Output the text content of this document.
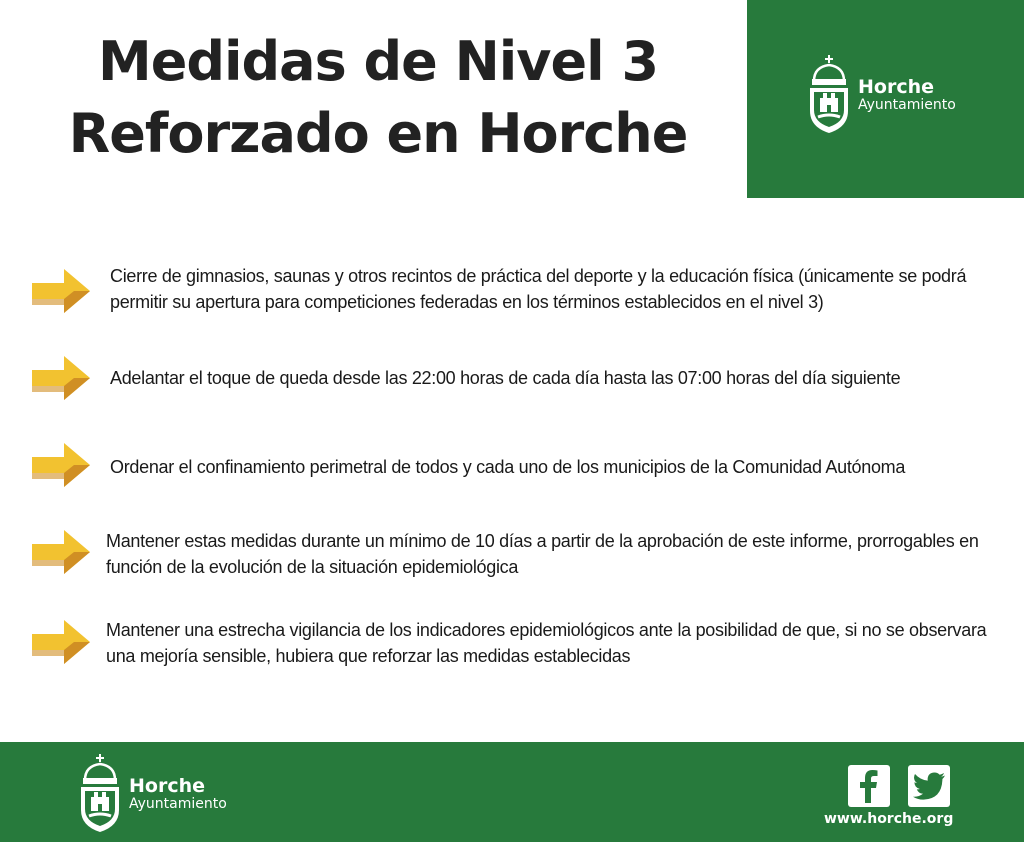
Medidas de Nivel 3
Reforzado en Horche
Horche
Ayuntamiento
Cierre de gimnasios, saunas y otros recintos de práctica del deporte y la educación física (únicamente se podrá
permitir su apertura para competiciones federadas en los términos establecidos en el nivel 3)
Adelantar el toque de queda desde las 22:00 horas de cada día hasta las 07:00 horas del día siguiente
Ordenar el confinamiento perimetral de todos y cada uno de los municipios de la Comunidad Autónoma
Mantener estas medidas durante un mínimo de 10 días a partir de la aprobación de este informe, prorrogables en
función de la evolución de la situación epidemiológica
Mantener una estrecha vigilancia de los indicadores epidemiológicos ante la posibilidad de que, si no se observara
una mejoría sensible, hubiera que reforzar las medidas establecidas
Horche
Ayuntamiento
www.horche.org
